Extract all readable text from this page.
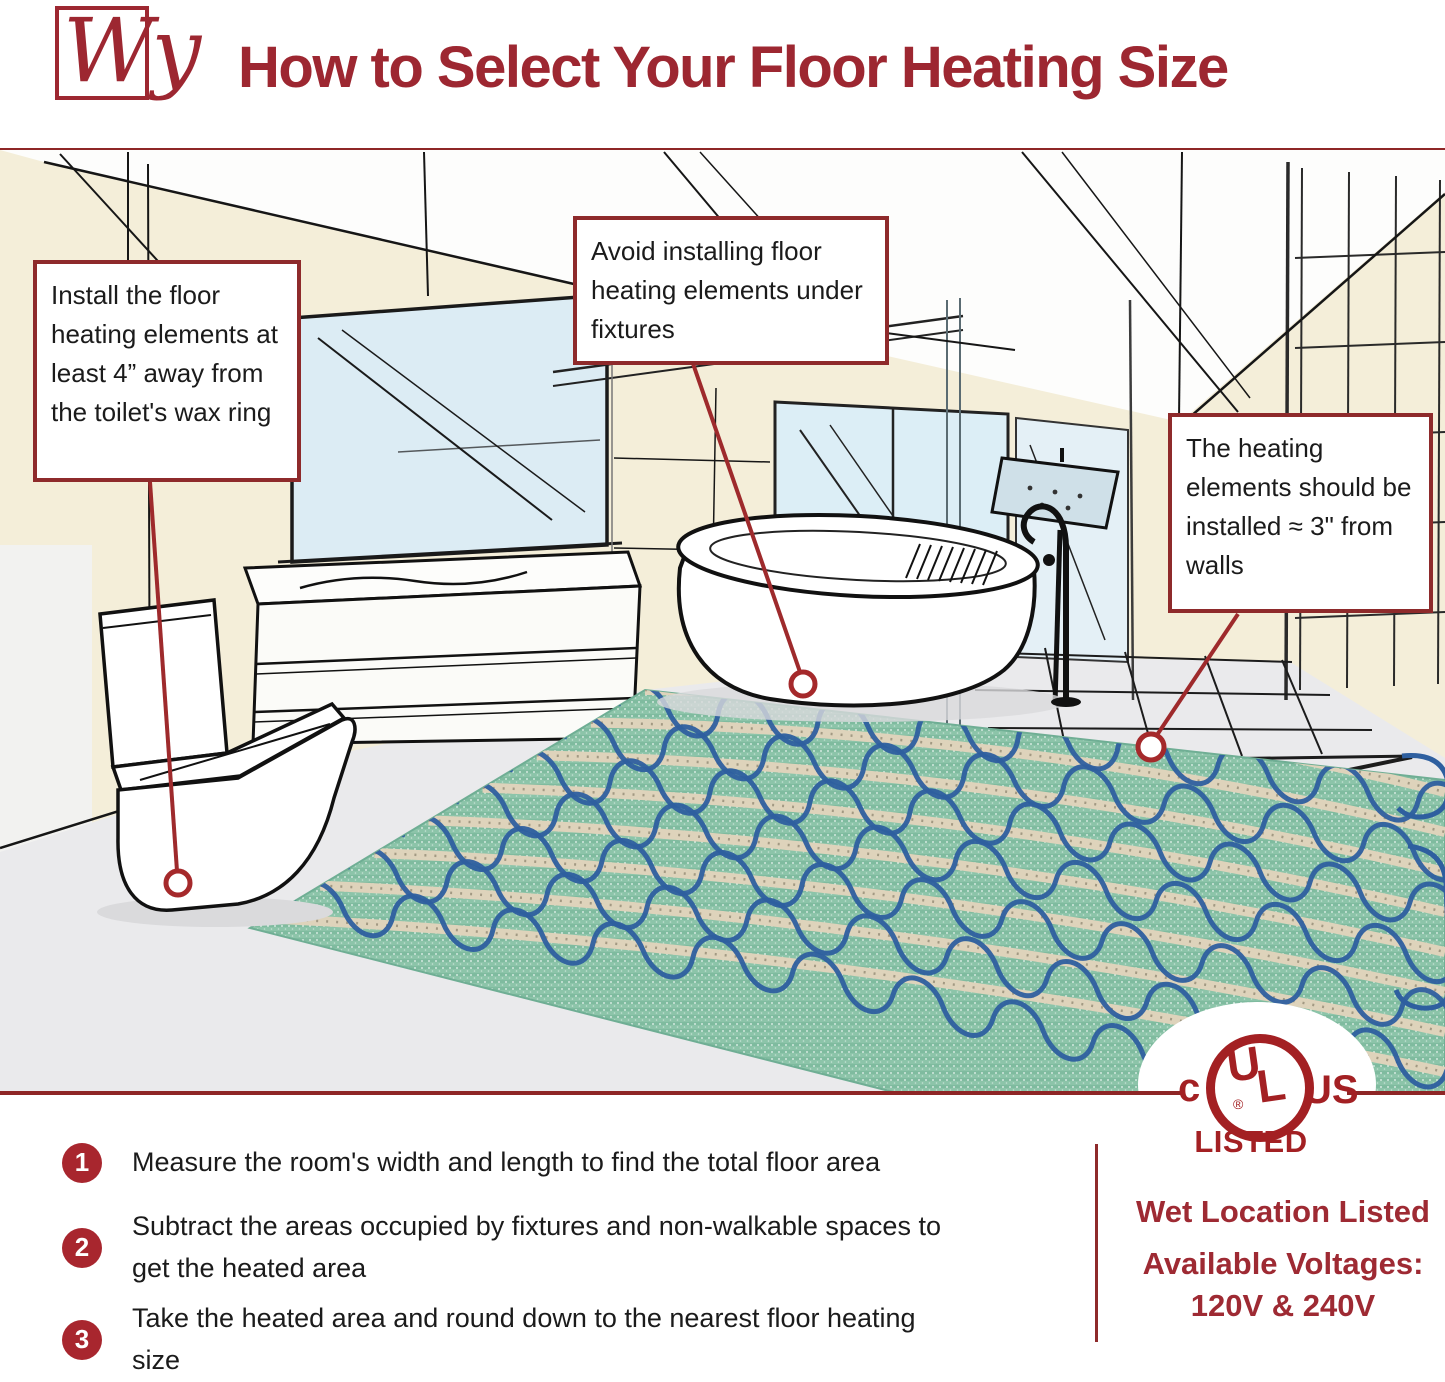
Wy How to Select Your Floor Heating Size
Install the floor heating elements at least 4” away from the toilet's wax ring
Avoid installing floor heating elements under fixtures
The heating elements should be installed ≈ 3" from walls
U
L
®
c	US
LISTED
1	Measure the room's width and length to find the total floor area
2
Subtract the areas occupied by fixtures and non-walkable spaces to get the heated area
3
Take the heated area and round down to the nearest floor heating size
Wet Location Listed
Available Voltages:
120V & 240V
